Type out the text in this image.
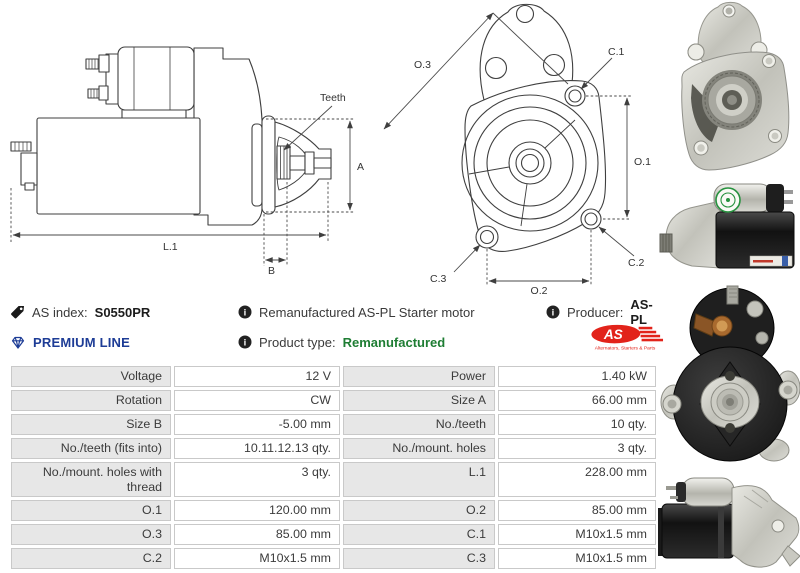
Teeth
A
L.1
B
O.3
C.1
O.1
C.2
C.3
O.2
AS index: S0550PR
PREMIUM LINE
i Remanufactured AS-PL Starter motor
i Product type: Remanufactured
i Producer: AS-PL
AS
Alternators, Starters & Parts
Voltage	12 V	Power	1.40 kW
Rotation	CW	Size A	66.00 mm
Size B	-5.00 mm	No./teeth	10 qty.
No./teeth (fits into)	10.11.12.13 qty.	No./mount. holes	3 qty.
No./mount. holes with thread	3 qty.	L.1	228.00 mm
O.1	120.00 mm	O.2	85.00 mm
O.3	85.00 mm	C.1	M10x1.5 mm
C.2	M10x1.5 mm	C.3	M10x1.5 mm
